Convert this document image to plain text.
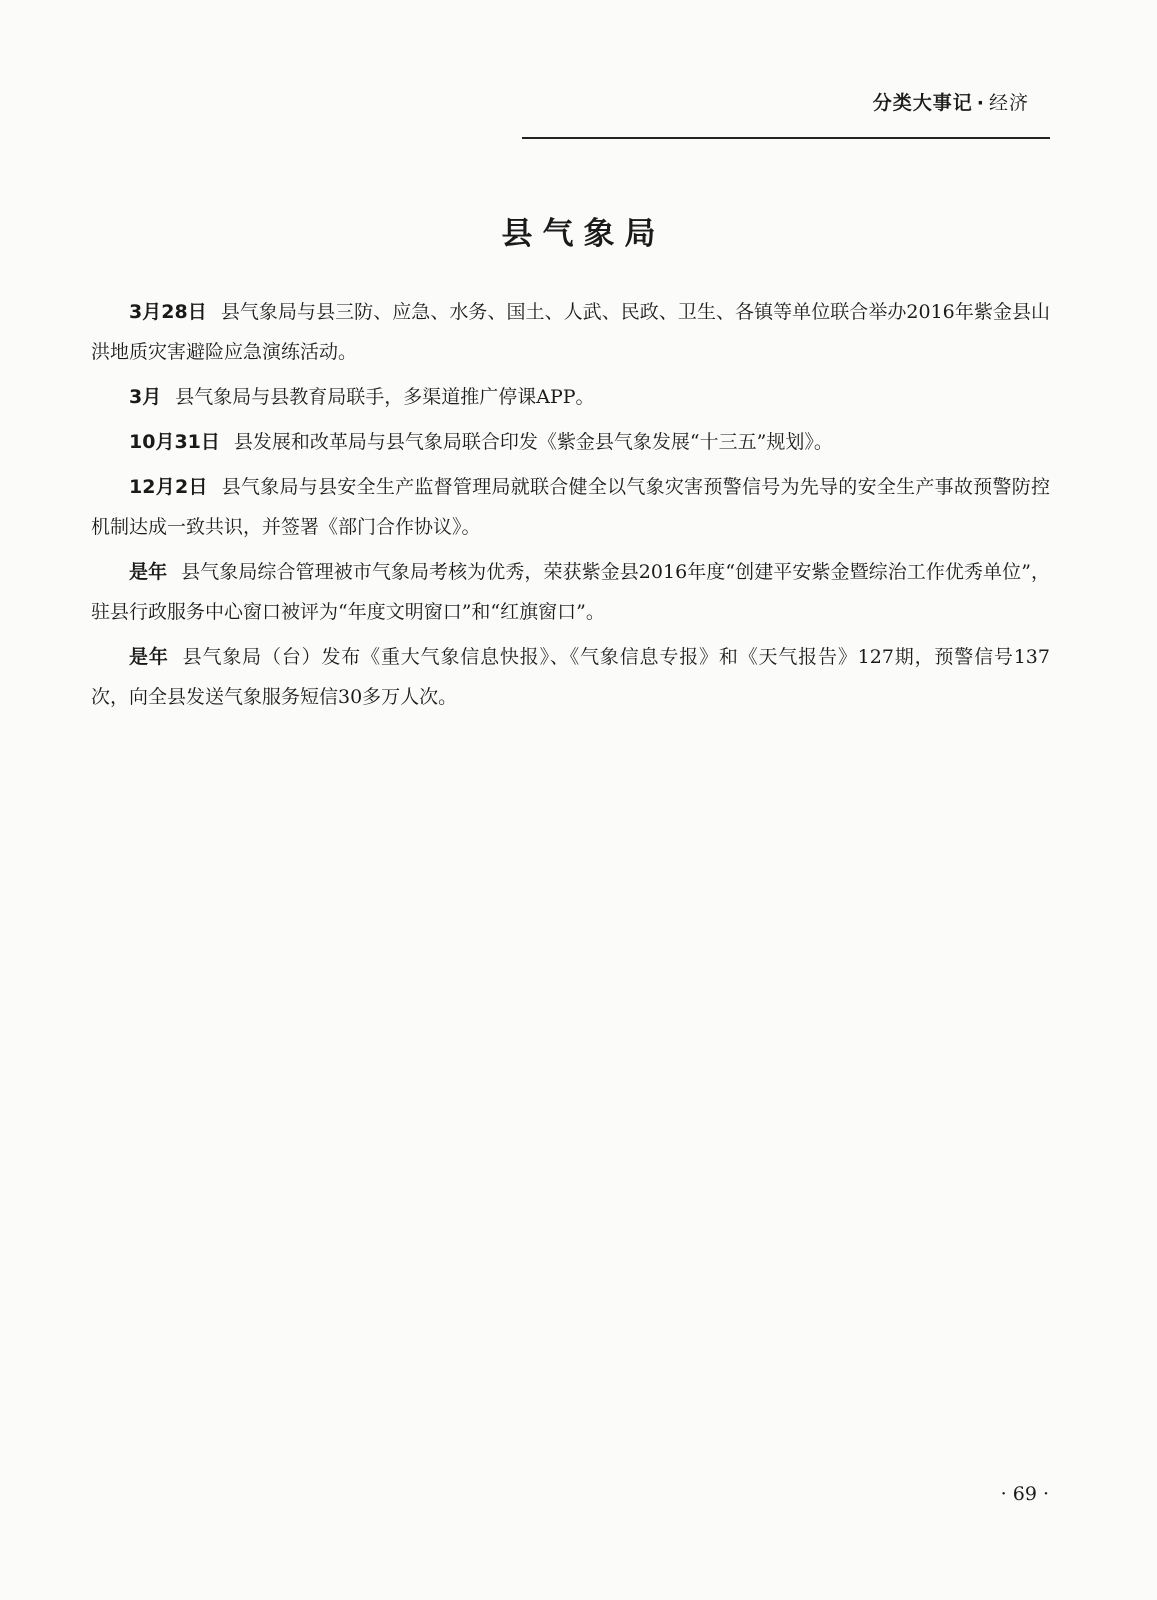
分类大事记 · 经济
县气象局

3月28日 县气象局与县三防、应急、水务、国土、人武、民政、卫生、各镇等单位联合举办2016年紫金县山洪地质灾害避险应急演练活动。

3月 县气象局与县教育局联手，多渠道推广停课APP。

10月31日 县发展和改革局与县气象局联合印发《紫金县气象发展“十三五”规划》。

12月2日 县气象局与县安全生产监督管理局就联合健全以气象灾害预警信号为先导的安全生产事故预警防控机制达成一致共识，并签署《部门合作协议》。

是年 县气象局综合管理被市气象局考核为优秀，荣获紫金县2016年度“创建平安紫金暨综治工作优秀单位”，驻县行政服务中心窗口被评为“年度文明窗口”和“红旗窗口”。

是年 县气象局（台）发布《重大气象信息快报》、《气象信息专报》和《天气报告》127期，预警信号137次，向全县发送气象服务短信30多万人次。

· 69 ·
